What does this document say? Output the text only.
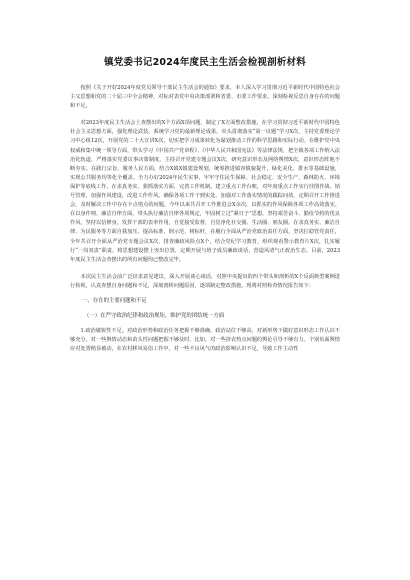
镇党委书记2024年度民主生活会检视剖析材料

按照《关于开好2024年度党员领导干部民主生活会的通知》要求，本人深入学习贯彻习近平新时代中国特色社会主义思想和党的二十届三中全会精神，对标对表党中央决策部署和省委、市委工作要求，深刻检视反思自身存在的问题和不足。

对2023年度民主生活会上查摆出的X个方面X项问题，制定了X方面整改措施，在学习贯彻习近平新时代中国特色社会主义思想方面，强化理论武装，系统学习党的最新理论成果，牵头贯彻落实“第一议题”学习X次，主持党委理论学习中心组12次，开展党的二十大宣讲X次，切实把学习成果转化为谋划推动工作的科学思路和实际行动。在维护党中央权威和集中统一领导方面，带头学习《中国共产党章程》、《中华人民共和国宪法》等法律法规，把全镇各项工作纳入法治化轨道，严格落实党委议事决策制度，主持召开党建专题会议X次，研究意识形态及网络舆情X次，意识形态阵地不断夯实。在践行宗旨、服务人民方面，结合X镇X镇建设规划，统筹推进镇容镇貌提升、绿化美化、排水等基础设施，实现公共服务均等化全覆盖。全力办好2024年民生实事，牢牢守住民生保障、社会稳定、安全生产、森林防火、环境保护等底线工作。在求真务实、狠抓落实方面，完善工作机制，建立重点工作台账，对年度重点工作实行挂图作战、销号管理，加强作风建设，改进工作作风，确保各项工作干到实处。加强对工作落实情况的跟踪问效，定期召开工作推进会，及时解决工作中存在卡点堵点的问题。今年以来共召开工作推进会X余次，以抓实的作风保障各项工作高效落实。在以身作则、廉洁自律方面，带头执行廉洁自律各项规定，牢固树立过“紧日子”思想，坚持艰苦奋斗、勤俭节约的优良作风，坚持以信修身，发挥干部的表率作用，自觉接受监督，自觉净化社交圈、生活圈、朋友圈。在求真务实、廉洁自律，为民服务等方面自我加压，提高标准，倒示范，树标杆，在履行全面从严治党政治责任方面，坚决扛稳管党责任，全年共召开全面从严治党专题会议X次，排查廉政风险点X个，结合党纪学习教育，组织观看警示教育片X次，扎实履行“一岗双责”职责，将思想建设摆上突出位置，定期开展与班子成员廉政谈话，营造风清气正政治生态。目前，2023年度民主生活会查摆出的所有问题均已整改完毕。

本次民主生活会前广泛征求意见建议，深入开展谈心谈话，对照中央提出的四个带头和剖析的X个反面典型案例进行检视，认真查摆自身问题和不足，深刻剖析问题原因，逐项制定整改措施。现将对照检查情况报告如下：

一、存在的主要问题和不足
（一）在严守政治纪律和政治规矩，维护党的团结统一方面

1.政治敏锐性不足。对政治形势和政治任务把握不够准确，政治站位不够高，对新形势下做好意识形态工作认识不够充分。对一些舆情动态和苗头性问题把握不够及时，比如，对一些涉农热点问题的舆论引导不够有力。个别负面舆情应对处置稍显被动，在农村移风易俗工作中，对一些不良风气的政治影响认识不足，导致工作主动性
